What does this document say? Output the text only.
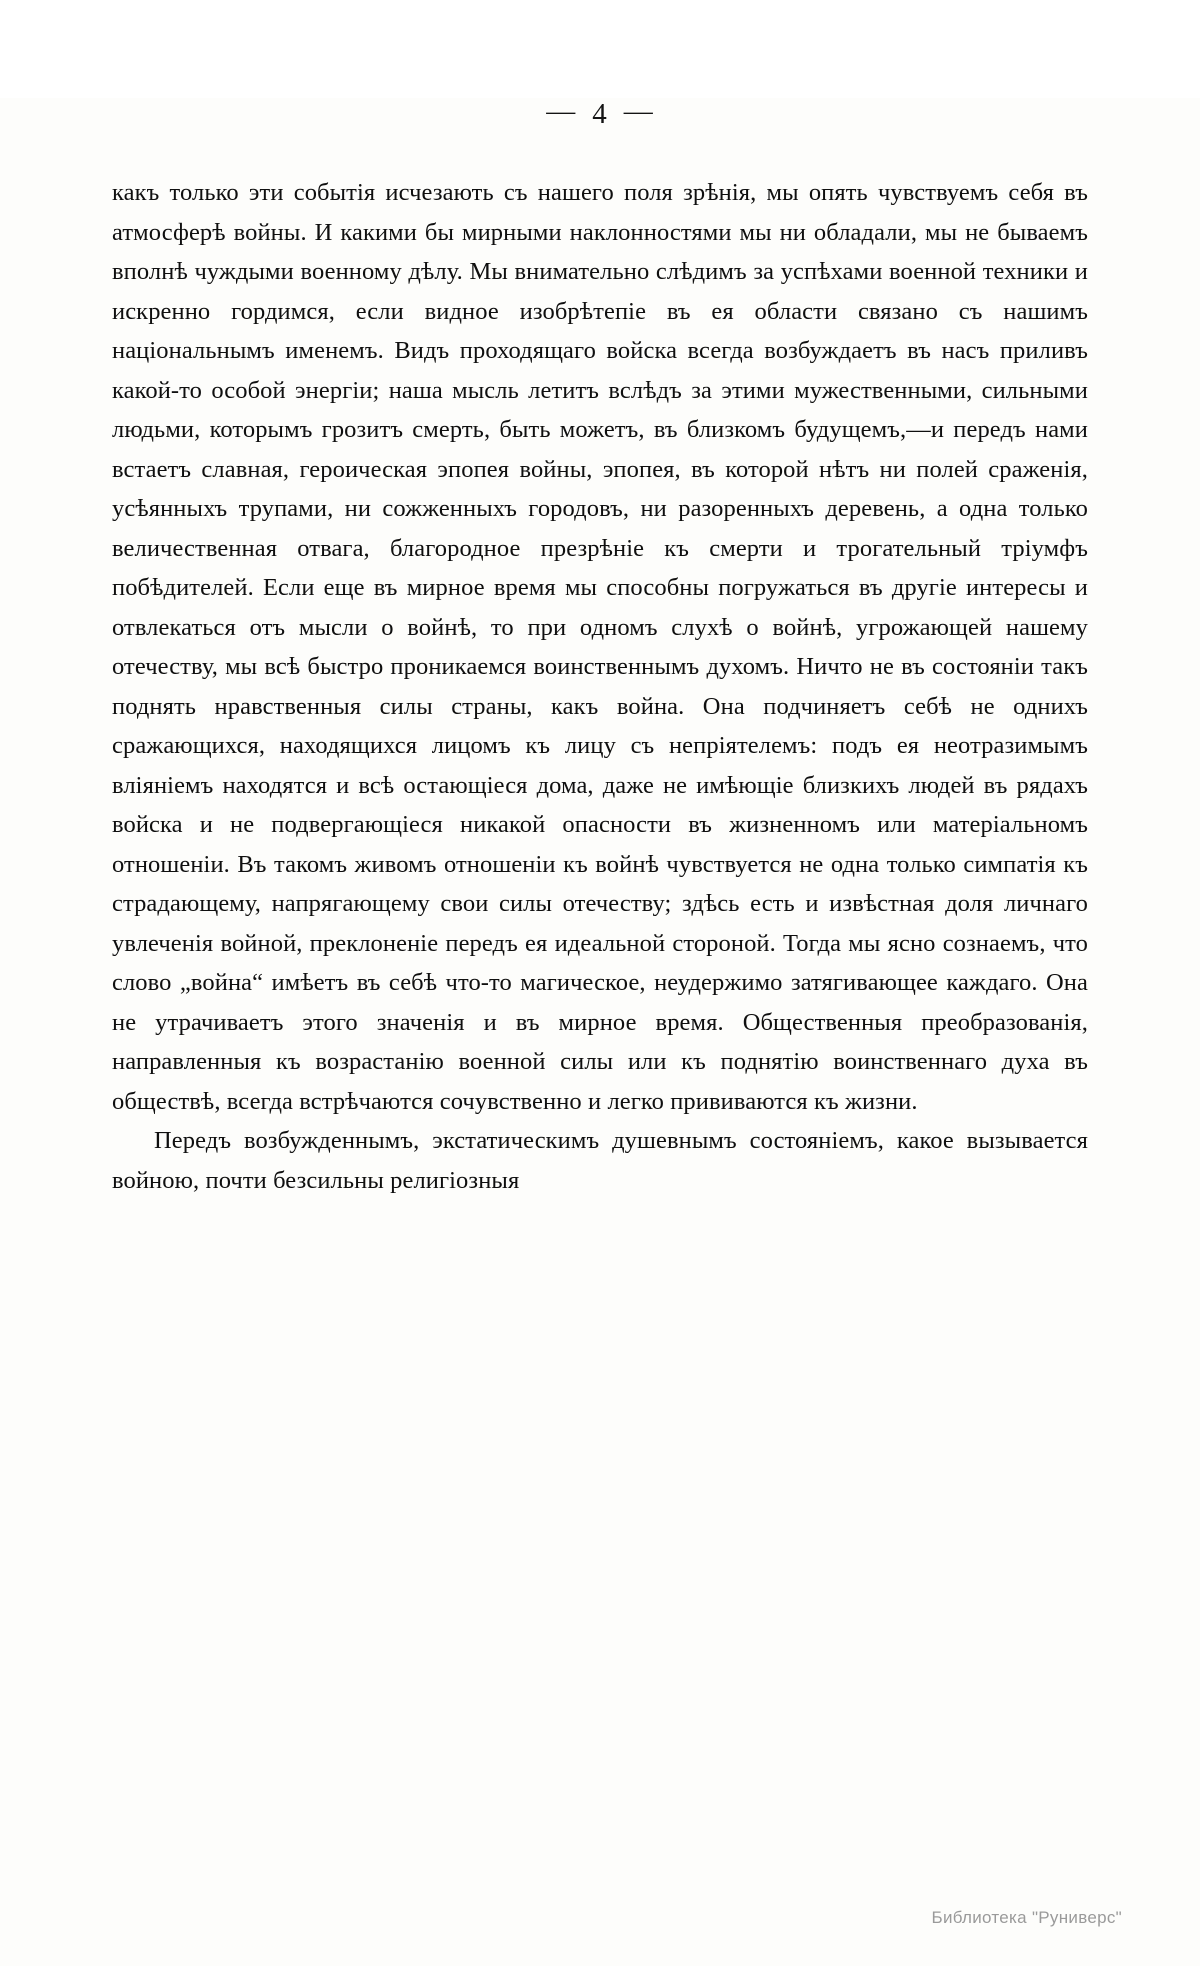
— 4 —

какъ только эти событія исчезають съ нашего поля зрѣнія, мы опять чувствуемъ себя въ атмосферѣ войны. И какими бы мирными наклонностями мы ни обладали, мы не бываемъ вполнѣ чуждыми военному дѣлу. Мы внимательно слѣдимъ за успѣхами военной техники и искренно гордимся, если видное изобрѣтепіе въ ея области связано съ нашимъ національнымъ именемъ. Видъ проходящаго войска всегда возбуждаетъ въ насъ приливъ какой-то особой энергіи; наша мысль летитъ вслѣдъ за этими мужественными, сильными людьми, которымъ грозитъ смерть, быть можетъ, въ близкомъ будущемъ,—и передъ нами встаетъ славная, героическая эпопея войны, эпопея, въ которой нѣтъ ни полей сраженія, усѣянныхъ трупами, ни сожженныхъ городовъ, ни разоренныхъ деревень, а одна только величественная отвага, благородное презрѣніе къ смерти и трогательный тріумфъ побѣдителей. Если еще въ мирное время мы способны погружаться въ другіе интересы и отвлекаться отъ мысли о войнѣ, то при одномъ слухѣ о войнѣ, угрожающей нашему отечеству, мы всѣ быстро проникаемся воинственнымъ духомъ. Ничто не въ состояніи такъ поднять нравственныя силы страны, какъ война. Она подчиняетъ себѣ не однихъ сражающихся, находящихся лицомъ къ лицу съ непріятелемъ: подъ ея неотразимымъ вліяніемъ находятся и всѣ остающіеся дома, даже не имѣющіе близкихъ людей въ рядахъ войска и не подвергающіеся никакой опасности въ жизненномъ или матеріальномъ отношеніи. Въ такомъ живомъ отношеніи къ войнѣ чувствуется не одна только симпатія къ страдающему, напрягающему свои силы отечеству; здѣсь есть и извѣстная доля личнаго увлеченія войной, преклоненіе передъ ея идеальной стороной. Тогда мы ясно сознаемъ, что слово „война“ имѣетъ въ себѣ что-то магическое, неудержимо затягивающее каждаго. Она не утрачиваетъ этого значенія и въ мирное время. Общественныя преобразованія, направленныя къ возрастанію военной силы или къ поднятію воинственнаго духа въ обществѣ, всегда встрѣчаются сочувственно и легко прививаются къ жизни.

Передъ возбужденнымъ, экстатическимъ душевнымъ состояніемъ, какое вызывается войною, почти безсильны религіозныя

Библиотека "Руниверс"
